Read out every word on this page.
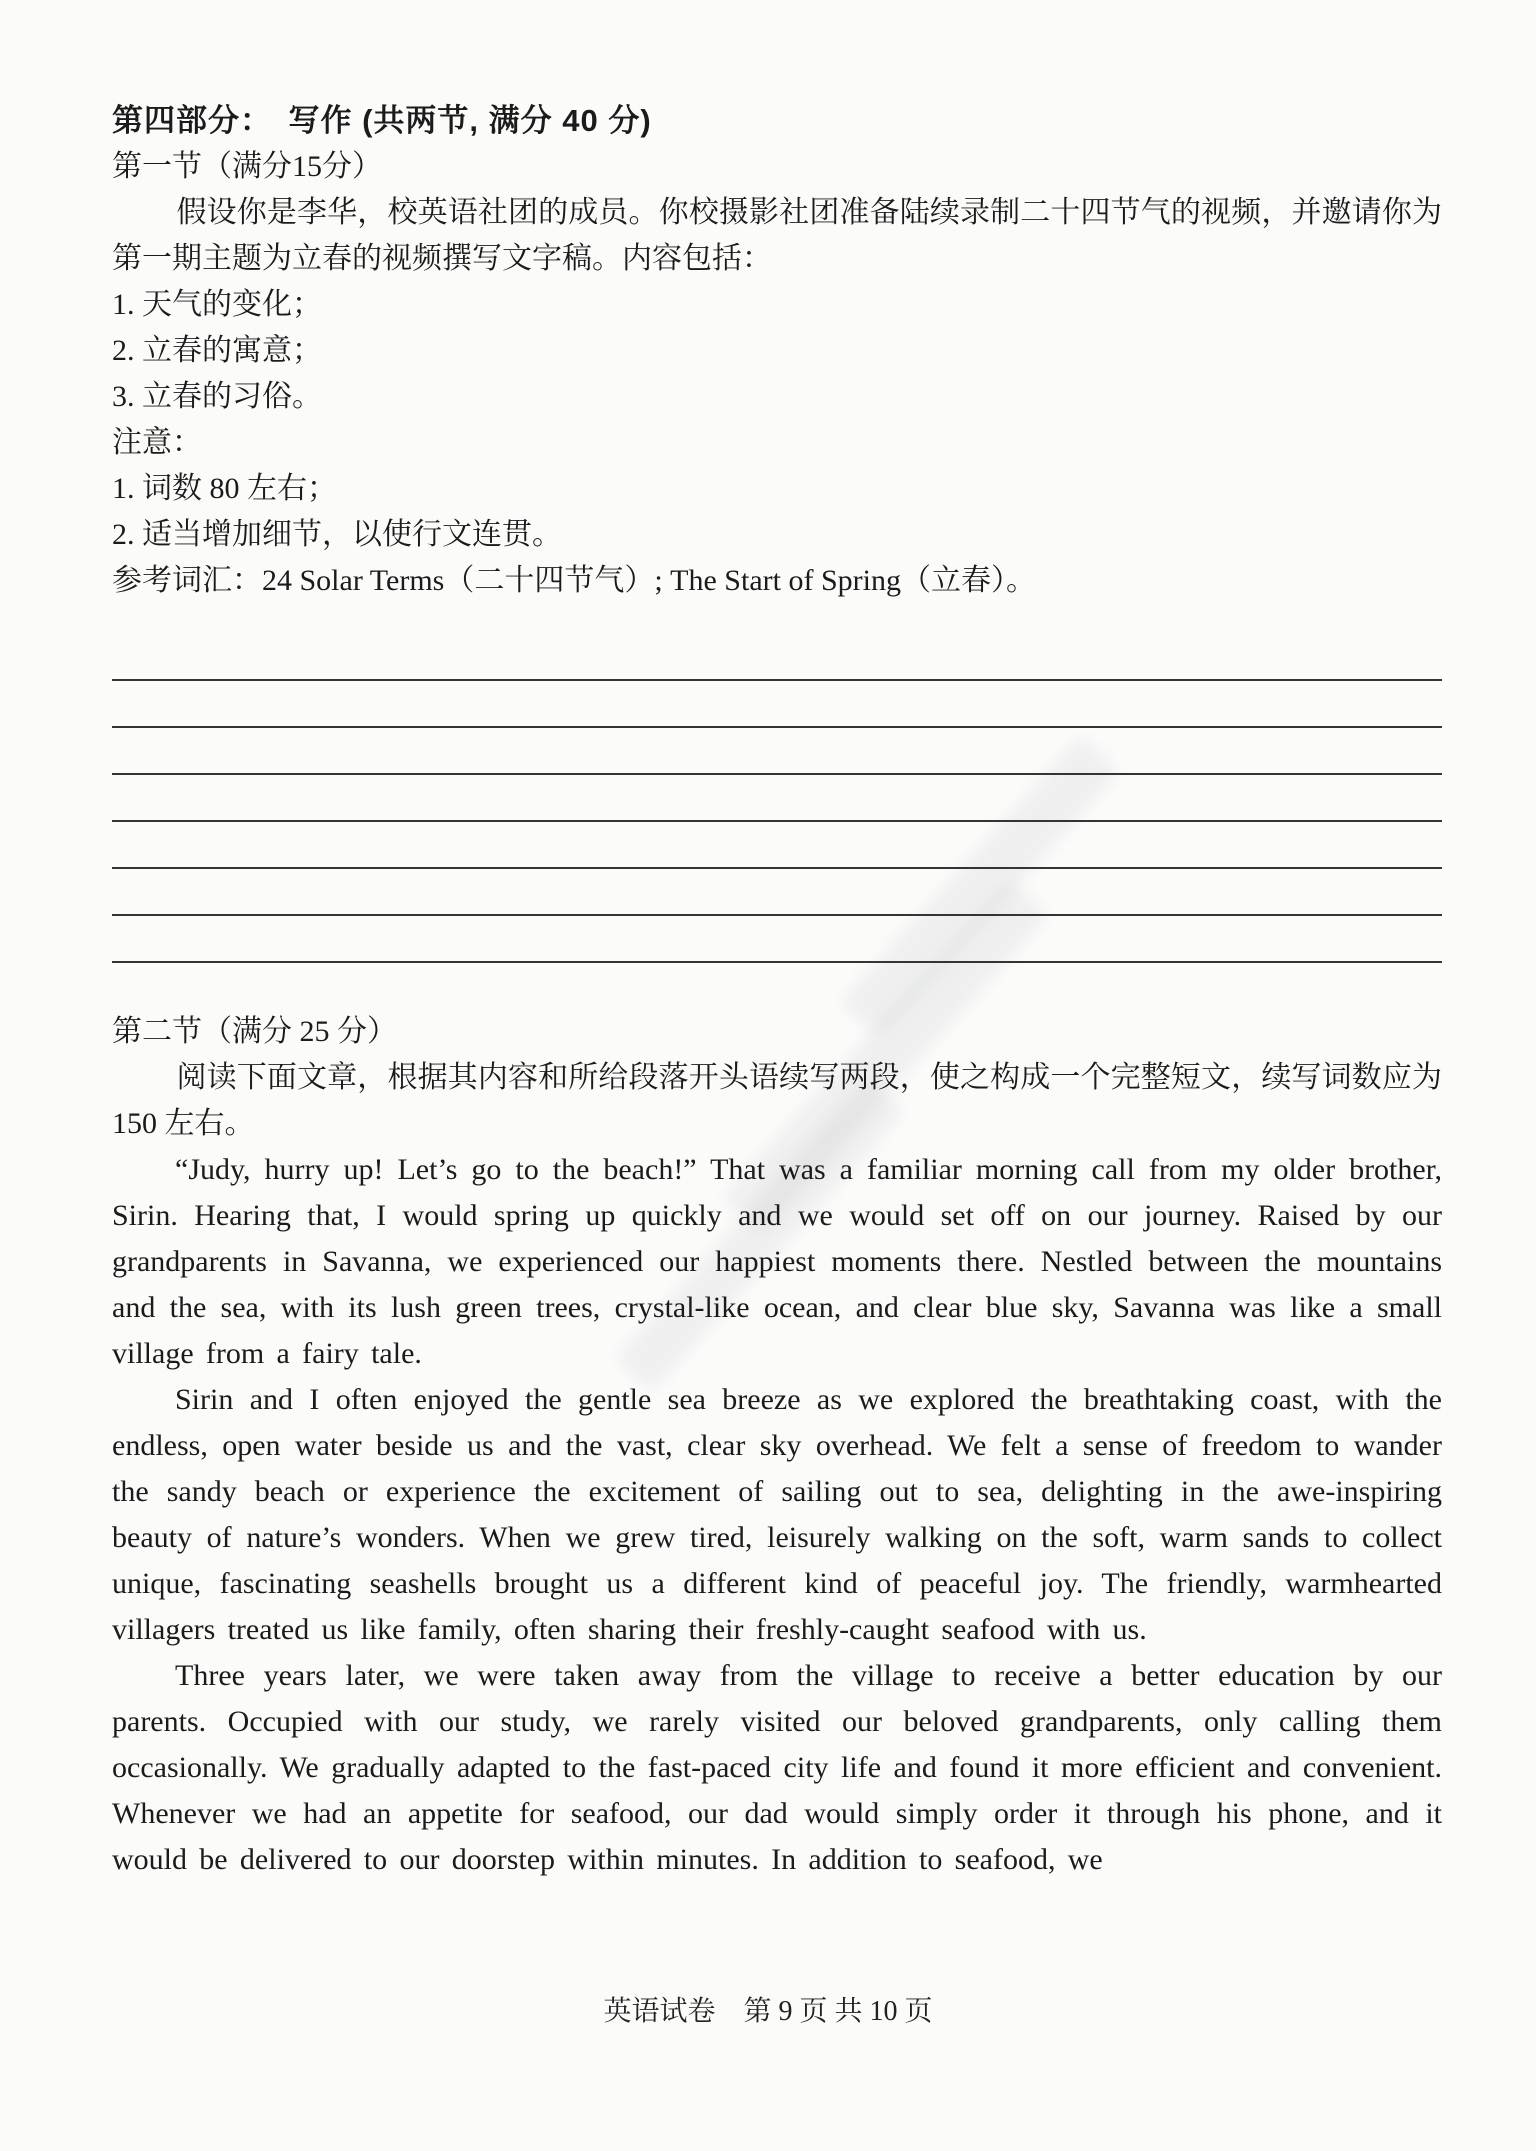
第四部分：　写作 (共两节, 满分 40 分)
第一节（满分15分）

假设你是李华，校英语社团的成员。你校摄影社团准备陆续录制二十四节气的视频，并邀请你为第一期主题为立春的视频撰写文字稿。内容包括：

1. 天气的变化；
2. 立春的寓意；
3. 立春的习俗。
注意：
1. 词数 80 左右；
2. 适当增加细节，以使行文连贯。
参考词汇：24 Solar Terms（二十四节气）; The Start of Spring（立春）。
第二节（满分 25 分）

阅读下面文章，根据其内容和所给段落开头语续写两段，使之构成一个完整短文，续写词数应为 150 左右。

“Judy, hurry up! Let’s go to the beach!” That was a familiar morning call from my older brother, Sirin. Hearing that, I would spring up quickly and we would set off on our journey. Raised by our grandparents in Savanna, we experienced our happiest moments there. Nestled between the mountains and the sea, with its lush green trees, crystal-like ocean, and clear blue sky, Savanna was like a small village from a fairy tale.

Sirin and I often enjoyed the gentle sea breeze as we explored the breathtaking coast, with the endless, open water beside us and the vast, clear sky overhead. We felt a sense of freedom to wander the sandy beach or experience the excitement of sailing out to sea, delighting in the awe-inspiring beauty of nature’s wonders. When we grew tired, leisurely walking on the soft, warm sands to collect unique, fascinating seashells brought us a different kind of peaceful joy. The friendly, warmhearted villagers treated us like family, often sharing their freshly-caught seafood with us.

Three years later, we were taken away from the village to receive a better education by our parents. Occupied with our study, we rarely visited our beloved grandparents, only calling them occasionally. We gradually adapted to the fast-paced city life and found it more efficient and convenient. Whenever we had an appetite for seafood, our dad would simply order it through his phone, and it would be delivered to our doorstep within minutes. In addition to seafood, we

英语试卷　第 9 页 共 10 页
